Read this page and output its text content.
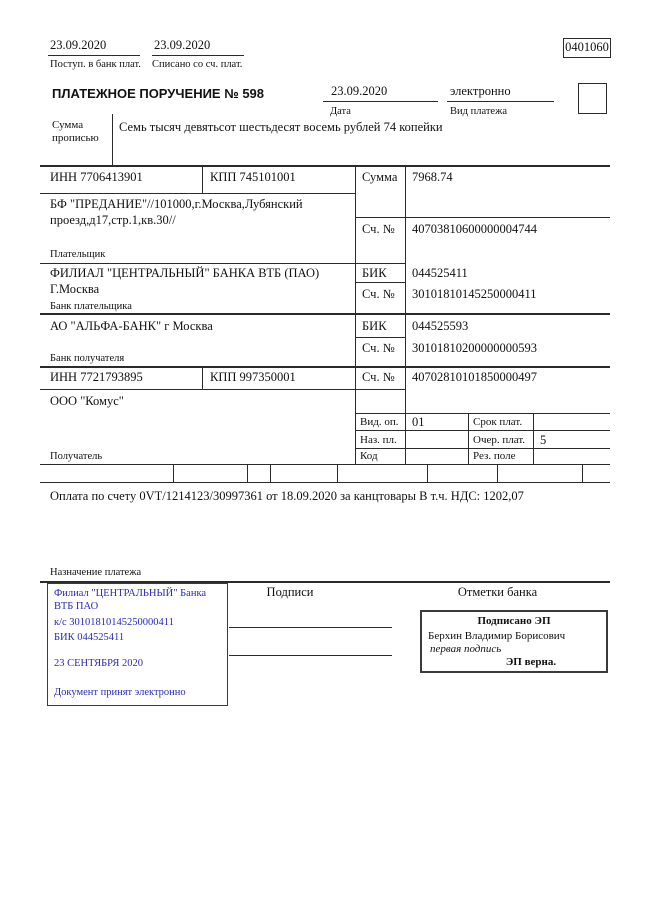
23.09.2020
Поступ. в банк плат.
23.09.2020
Списано со сч. плат.
0401060
ПЛАТЕЖНОЕ ПОРУЧЕНИЕ № 598	23.09.2020
Дата
электронно
Вид платежа
Сумма прописью
Семь тысяч девятьсот шестьдесят восемь рублей 74 копейки
ИНН 7706413901	КПП 745101001	Сумма 7968.74
БФ "ПРЕДАНИЕ"//101000,г.Москва,Лубянский проезд,д17,стр.1,кв.30//
Сч. № 40703810600000004744
Плательщик
ФИЛИАЛ "ЦЕНТРАЛЬНЫЙ" БАНКА ВТБ (ПАО) Г.Москва
БИК 044525411
Сч. № 30101810145250000411
Банк плательщика
АО "АЛЬФА-БАНК" г Москва	БИК 044525593
Сч. № 30101810200000000593
Банк получателя
ИНН 7721793895	КПП 997350001	Сч. № 40702810101850000497
ООО "Комус"
Получатель
Вид. оп. 01	Срок плат.
Наз. пл.	Очер. плат. 5
Код	Рез. поле
Оплата по счету 0VT/1214123/30997361 от 18.09.2020 за канцтовары В т.ч. НДС: 1202,07
Назначение платежа
Филиал "ЦЕНТРАЛЬНЫЙ" Банка ВТБ ПАО
к/с 30101810145250000411
БИК 044525411
23 СЕНТЯБРЯ 2020
Документ принят электронно
Подписи	Отметки банка
Подписано ЭП
Берхин Владимир Борисович
первая подпись
ЭП верна.
